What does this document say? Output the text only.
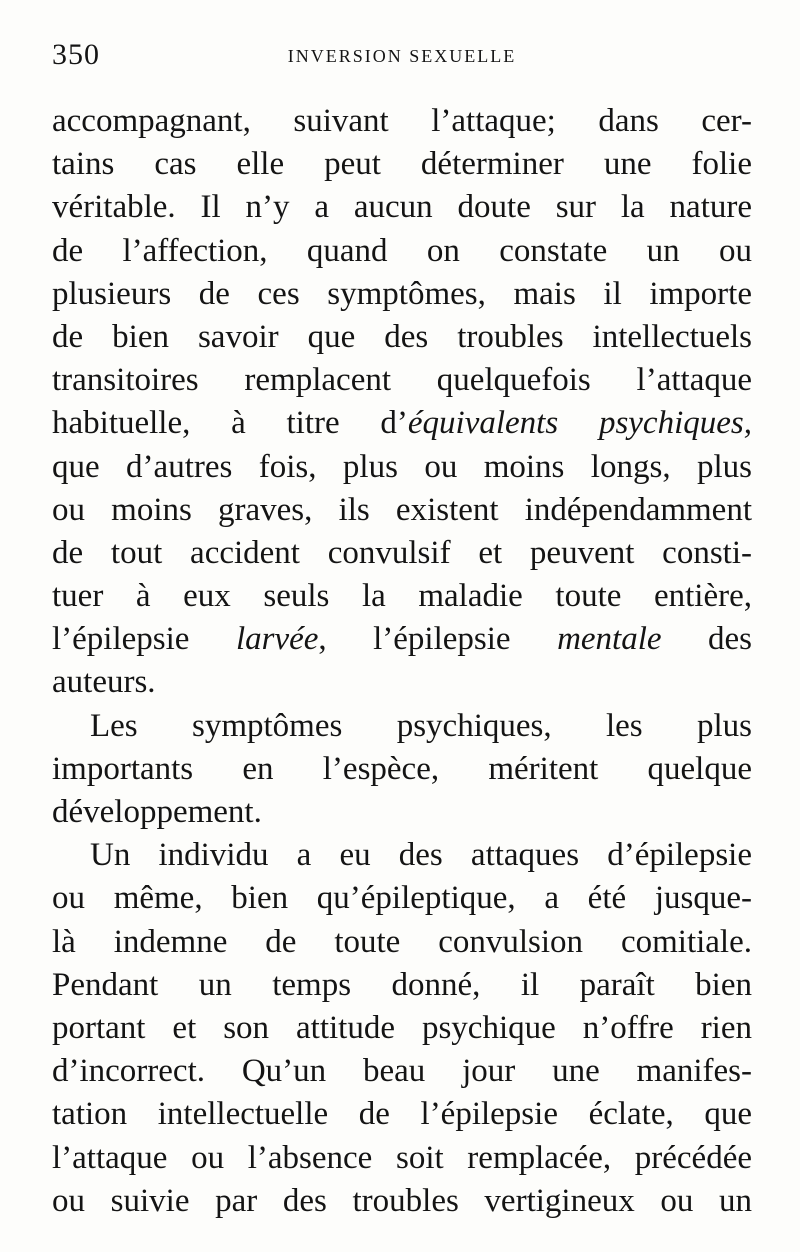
350	INVERSION SEXUELLE
accompagnant, suivant l’attaque; dans cer-
tains cas elle peut déterminer une folie
véritable. Il n’y a aucun doute sur la nature
de l’affection, quand on constate un ou
plusieurs de ces symptômes, mais il importe
de bien savoir que des troubles intellectuels
transitoires remplacent quelquefois l’attaque
habituelle, à titre d’équivalents psychiques,
que d’autres fois, plus ou moins longs, plus
ou moins graves, ils existent indépendamment
de tout accident convulsif et peuvent consti-
tuer à eux seuls la maladie toute entière,
l’épilepsie larvée, l’épilepsie mentale des
auteurs.
Les symptômes psychiques, les plus
importants en l’espèce, méritent quelque
développement.
Un individu a eu des attaques d’épilepsie
ou même, bien qu’épileptique, a été jusque-
là indemne de toute convulsion comitiale.
Pendant un temps donné, il paraît bien
portant et son attitude psychique n’offre rien
d’incorrect. Qu’un beau jour une manifes-
tation intellectuelle de l’épilepsie éclate, que
l’attaque ou l’absence soit remplacée, précédée
ou suivie par des troubles vertigineux ou un
